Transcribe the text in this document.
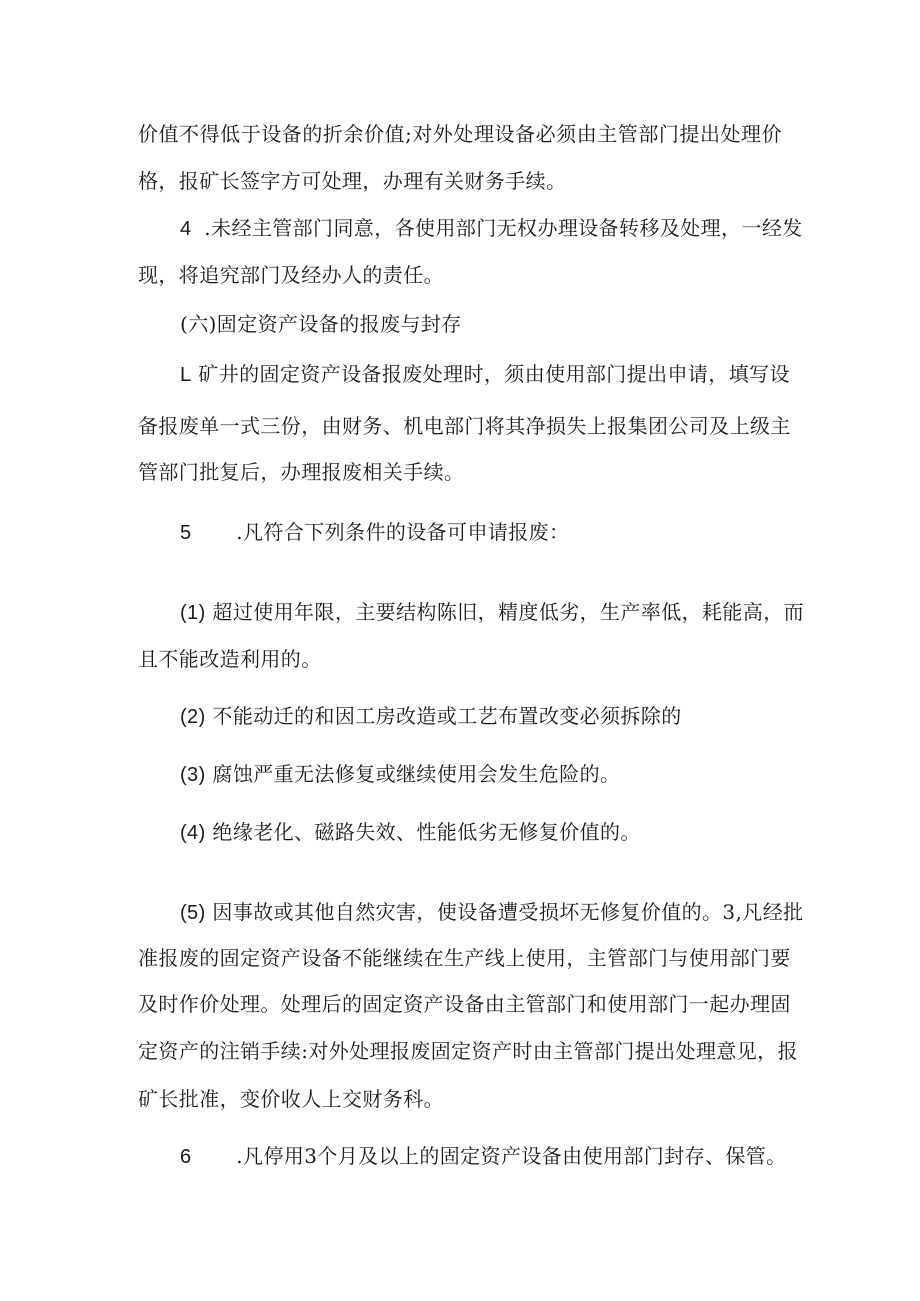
价值不得低于设备的折余价值;对外处理设备必须由主管部门提出处理价
格，报矿长签字方可处理，办理有关财务手续。
4 .未经主管部门同意，各使用部门无权办理设备转移及处理，一经发
现，将追究部门及经办人的责任。
(六)固定资产设备的报废与封存
L 矿井的固定资产设备报废处理时，须由使用部门提出申请，填写设
备报废单一式三份，由财务、机电部门将其净损失上报集团公司及上级主
管部门批复后，办理报废相关手续。
5 .凡符合下列条件的设备可申请报废：
(1) 超过使用年限，主要结构陈旧，精度低劣，生产率低，耗能高，而
且不能改造利用的。
(2) 不能动迁的和因工房改造或工艺布置改变必须拆除的
(3) 腐蚀严重无法修复或继续使用会发生危险的。
(4) 绝缘老化、磁路失效、性能低劣无修复价值的。
(5) 因事故或其他自然灾害，使设备遭受损坏无修复价值的。3,凡经批
准报废的固定资产设备不能继续在生产线上使用，主管部门与使用部门要
及时作价处理。处理后的固定资产设备由主管部门和使用部门一起办理固
定资产的注销手续:对外处理报废固定资产时由主管部门提出处理意见，报
矿长批准，变价收人上交财务科。
6 .凡停用3个月及以上的固定资产设备由使用部门封存、保管。
